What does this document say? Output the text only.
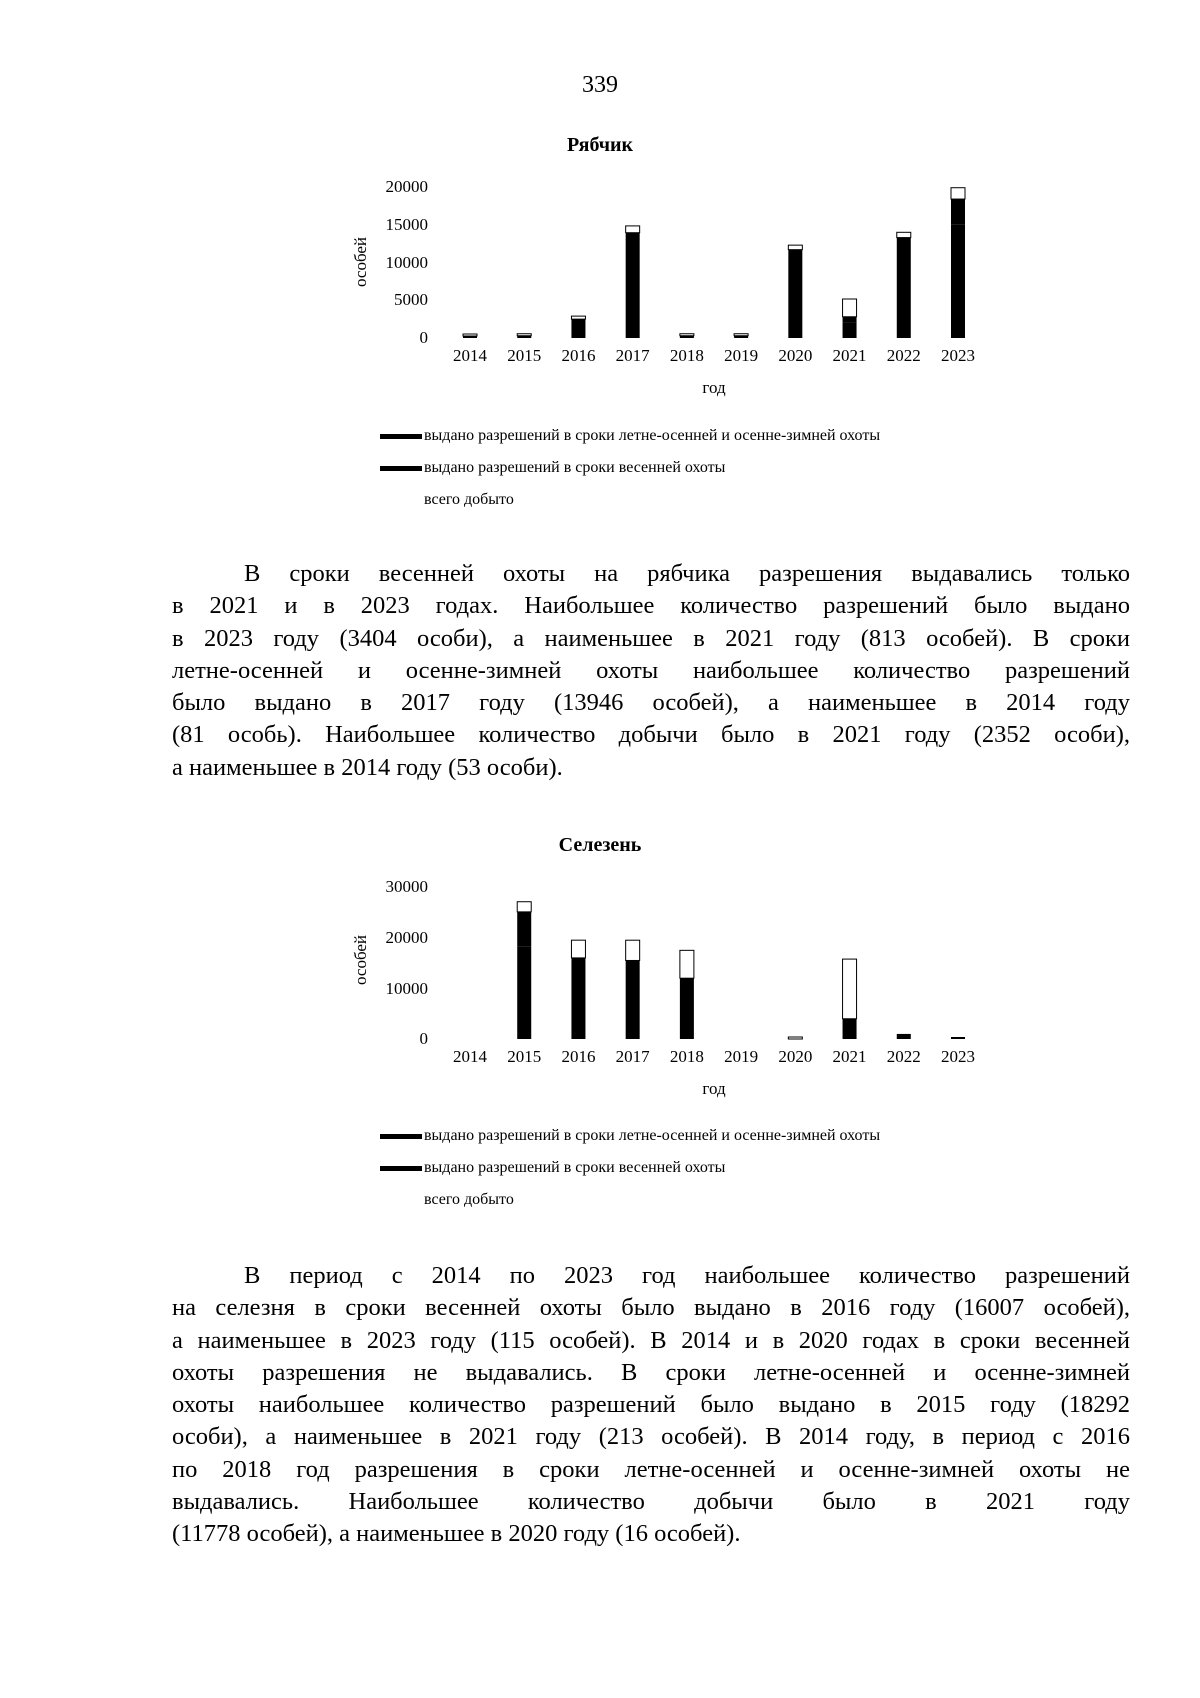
339
Рябчик
особей
20000
15000
10000
5000
0
2014 2015 2016 2017 2018 2019 2020 2021 2022 2023
год
выдано разрешений в сроки летне-осенней и осенне-зимней охоты
выдано разрешений в сроки весенней охоты
всего добыто
В сроки весенней охоты на рябчика разрешения выдавались только
в 2021 и в 2023 годах. Наибольшее количество разрешений было выдано
в 2023 году (3404 особи), а наименьшее в 2021 году (813 особей). В сроки
летне-осенней и осенне-зимней охоты наибольшее количество разрешений
было выдано в 2017 году (13946 особей), а наименьшее в 2014 году
(81 особь). Наибольшее количество добычи было в 2021 году (2352 особи),
а наименьшее в 2014 году (53 особи).
Селезень
особей
30000
20000
10000
0
2014 2015 2016 2017 2018 2019 2020 2021 2022 2023
год
выдано разрешений в сроки летне-осенней и осенне-зимней охоты
выдано разрешений в сроки весенней охоты
всего добыто
В период с 2014 по 2023 год наибольшее количество разрешений
на селезня в сроки весенней охоты было выдано в 2016 году (16007 особей),
а наименьшее в 2023 году (115 особей). В 2014 и в 2020 годах в сроки весенней
охоты разрешения не выдавались. В сроки летне-осенней и осенне-зимней
охоты наибольшее количество разрешений было выдано в 2015 году (18292
особи), а наименьшее в 2021 году (213 особей). В 2014 году, в период с 2016
по 2018 год разрешения в сроки летне-осенней и осенне-зимней охоты не
выдавались. Наибольшее количество добычи было в 2021 году
(11778 особей), а наименьшее в 2020 году (16 особей).
